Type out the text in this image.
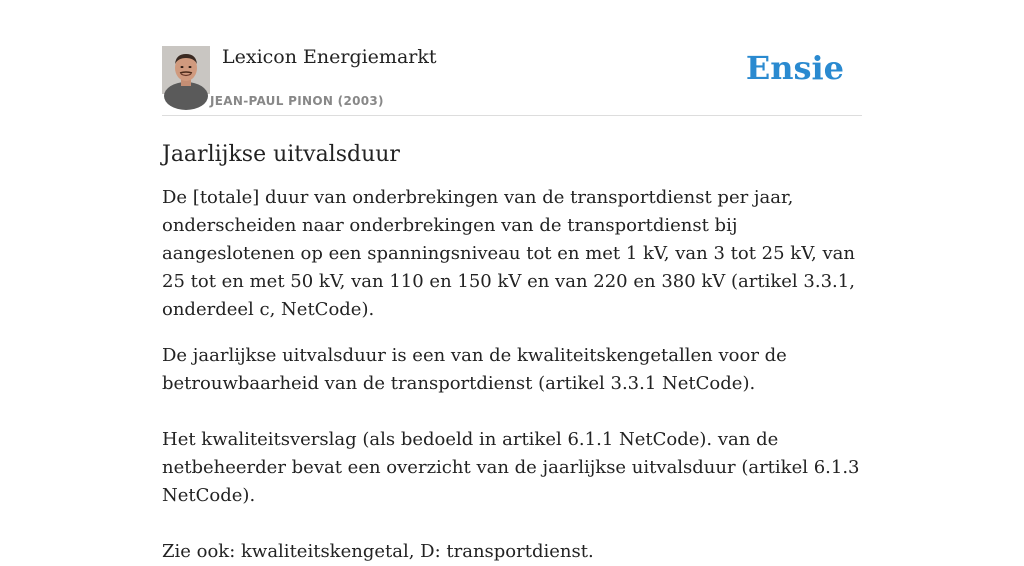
Lexicon Energiemarkt
JEAN-PAUL PINON (2003)
Ensie
Jaarlijkse uitvalsduur

De [totale] duur van onderbrekingen van de transportdienst per jaar, onderscheiden naar onderbrekingen van de transportdienst bij aangeslotenen op een spanningsniveau tot en met 1 kV, van 3 tot 25 kV, van 25 tot en met 50 kV, van 110 en 150 kV en van 220 en 380 kV (artikel 3.3.1, onderdeel c, NetCode).

De jaarlijkse uitvalsduur is een van de kwaliteitskengetallen voor de betrouwbaarheid van de transportdienst (artikel 3.3.1 NetCode).

Het kwaliteitsverslag (als bedoeld in artikel 6.1.1 NetCode). van de netbeheerder bevat een overzicht van de jaarlijkse uitvalsduur (artikel 6.1.3 NetCode).

Zie ook: kwaliteitskengetal, D: transportdienst.
